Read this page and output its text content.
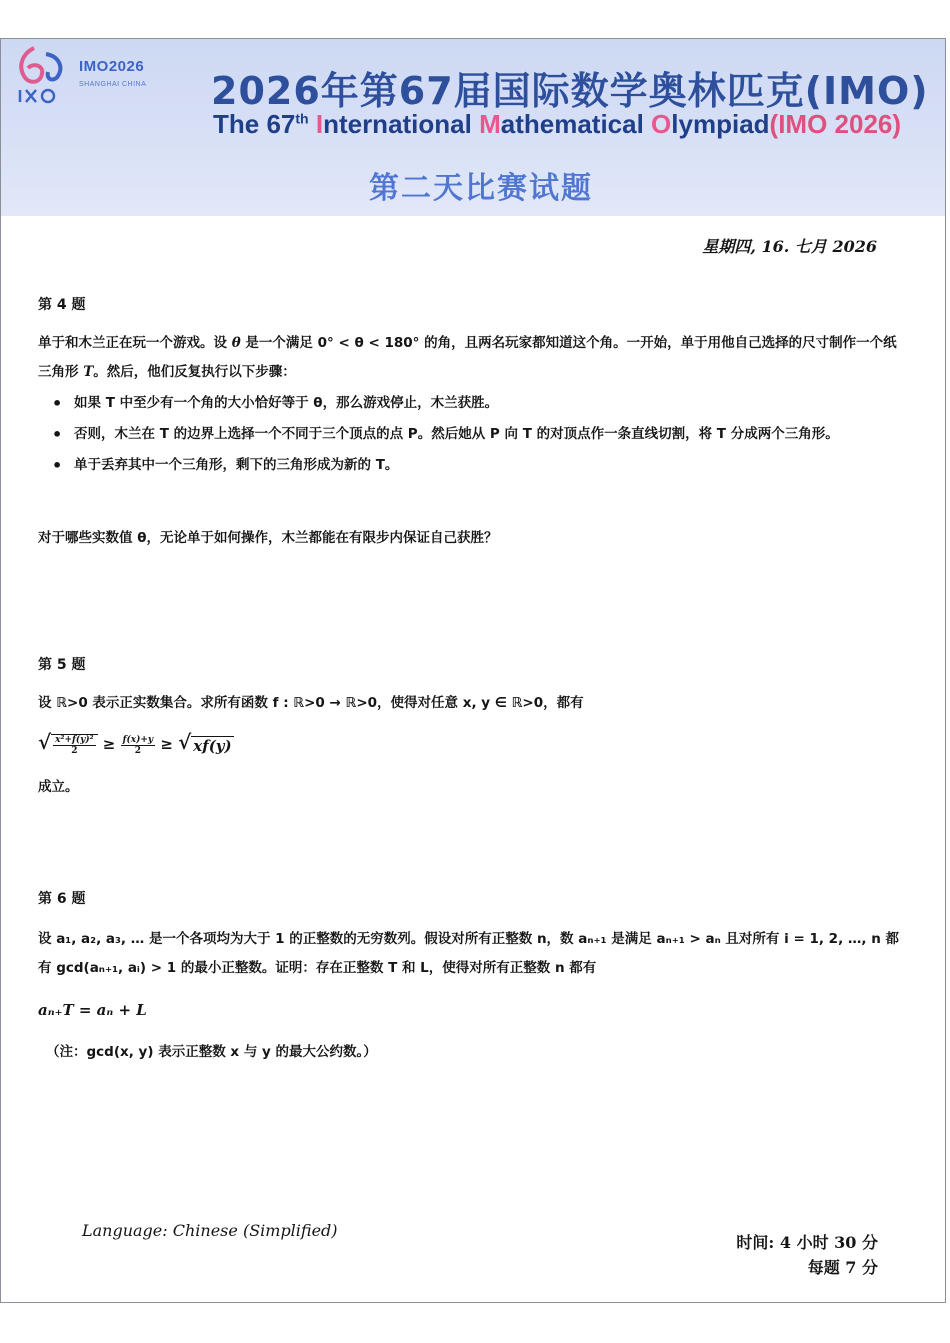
IMO2026
SHANGHAI CHINA 2026年第67届国际数学奥林匹克(IMO)
The 67th International Mathematical Olympiad(IMO 2026)
第二天比赛试题
星期四, 16. 七月 2026
第 4 题
单于和木兰正在玩一个游戏。设 θ 是一个满足 0° < θ < 180° 的角，且两名玩家都知道这个角。一开始，单于用他自己选择的尺寸制作一个纸三角形 T。然后，他们反复执行以下步骤：
• 如果 T 中至少有一个角的大小恰好等于 θ，那么游戏停止，木兰获胜。
• 否则，木兰在 T 的边界上选择一个不同于三个顶点的点 P。然后她从 P 向 T 的对顶点作一条直线切割，将 T 分成两个三角形。
• 单于丢弃其中一个三角形，剩下的三角形成为新的 T。
对于哪些实数值 θ，无论单于如何操作，木兰都能在有限步内保证自己获胜？
第 5 题
设 ℝ>0 表示正实数集合。求所有函数 f : ℝ>0 → ℝ>0，使得对任意 x, y ∈ ℝ>0，都有
√ $\frac{\text{x²+f(y)²}}{2} \ge \frac{f(x)+y}{2}$ ≥ √ xf(y)
成立。
第 6 题
设 a₁, a₂, a₃, … 是一个各项均为大于 1 的正整数的无穷数列。假设对所有正整数 n，数 aₙ₊₁ 是满足 aₙ₊₁ > aₙ 且对所有 i = 1, 2, …, n 都有 gcd(aₙ₊₁, aᵢ) > 1 的最小正整数。证明：存在正整数 T 和 L，使得对所有正整数 n 都有
aₙ₊T = aₙ + L
（注：gcd(x, y) 表示正整数 x 与 y 的最大公约数。）
Language: Chinese (Simplified)
时间: 4 小时 30 分
每题 7 分
